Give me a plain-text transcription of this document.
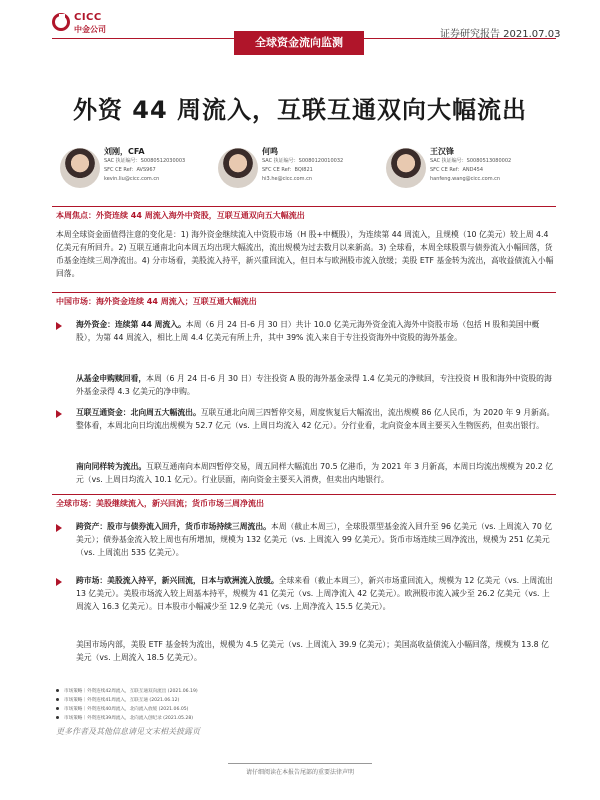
CICC
中金公司
全球资金流向监测
证券研究报告 2021.07.03
外资 44 周流入，互联互通双向大幅流出
刘刚，CFA
SAC 执证编号：S0080512030003
SFC CE Ref：AVS967
kevin.liu@cicc.com.cn
何鸣
SAC 执证编号：S0080120010032
SFC CE Ref：BQI821
hi3.he@cicc.com.cn
王汉锋
SAC 执证编号：S0080513080002
SFC CE Ref：AND454
hanfeng.wang@cicc.com.cn
本周焦点：外资连续 44 周流入海外中资股，互联互通双向五大幅流出
本周全球资金面值得注意的变化是：1) 海外资金继续流入中资股市场（H 股+中概股），为连续第 44 周流入，且规模（10 亿美元）较上周 4.4 亿美元有所回升。2) 互联互通南北向本周五均出现大幅流出，流出规模为过去数月以来新高。3) 全球看，本周全球股票与债券流入小幅回落，货币基金连续三周净流出。4) 分市场看，美股流入持平，新兴重回流入，但日本与欧洲股市流入放缓；美股 ETF 基金转为流出，高收益债流入小幅回落。
中国市场：海外资金连续 44 周流入；互联互通大幅流出
海外资金：连续第 44 周流入。本周（6 月 24 日-6 月 30 日）共计 10.0 亿美元海外资金流入海外中资股市场（包括 H 股和美国中概股），为第 44 周流入，相比上周 4.4 亿美元有所上升，其中 39% 流入来自于专注投资海外中资股的海外基金。
从基金申购赎回看，本周（6 月 24 日-6 月 30 日）专注投资 A 股的海外基金录得 1.4 亿美元的净赎回，专注投资 H 股和海外中资股的海外基金录得 4.3 亿美元的净申购。
互联互通资金：北向周五大幅流出。互联互通北向周三四暂停交易，周度恢复后大幅流出，流出规模 86 亿人民币，为 2020 年 9 月新高。整体看，本周北向日均流出规模为 52.7 亿元（vs. 上周日均流入 42 亿元）。分行业看，北向资金本周主要买入生物医药，但卖出银行。
南向同样转为流出。互联互通南向本周四暂停交易，周五同样大幅流出 70.5 亿港币，为 2021 年 3 月新高，本周日均流出规模为 20.2 亿元（vs. 上周日均流入 10.1 亿元）。行业层面，南向资金主要买入消费，但卖出内地银行。
全球市场：美股继续流入，新兴回流；货币市场三周净流出
跨资产：股市与债券流入回升，货币市场持续三周流出。本周（截止本周三），全球股票型基金流入回升至 96 亿美元（vs. 上周流入 70 亿美元）；债券基金流入较上周也有所增加，规模为 132 亿美元（vs. 上周流入 99 亿美元）。货币市场连续三周净流出，规模为 251 亿美元（vs. 上周流出 535 亿美元）。
跨市场：美股流入持平，新兴回流，日本与欧洲流入放缓。全球来看（截止本周三），新兴市场重回流入，规模为 12 亿美元（vs. 上周流出 13 亿美元）。美股市场流入较上周基本持平，规模为 41 亿美元（vs. 上周净流入 42 亿美元）。欧洲股市流入减少至 26.2 亿美元（vs. 上周流入 16.3 亿美元）。日本股市小幅减少至 12.9 亿美元（vs. 上周净流入 15.5 亿美元）。
美国市场内部，美股 ETF 基金转为流出，规模为 4.5 亿美元（vs. 上周流入 39.9 亿美元）；美国高收益债流入小幅回落，规模为 13.8 亿美元（vs. 上周流入 18.5 亿美元）。
市场策略｜外资连续42周流入，互联互通双向流出 (2021.06.19)
市场策略｜外资连续41周流入，互联互通 (2021.06.12)
市场策略｜外资连续40周流入，北向流入放缓 (2021.06.05)
市场策略｜外资连续39周流入，北向流入创纪录 (2021.05.28)
更多作者及其他信息请见文末相关披露页
请仔细阅读在本报告尾部的重要法律声明
